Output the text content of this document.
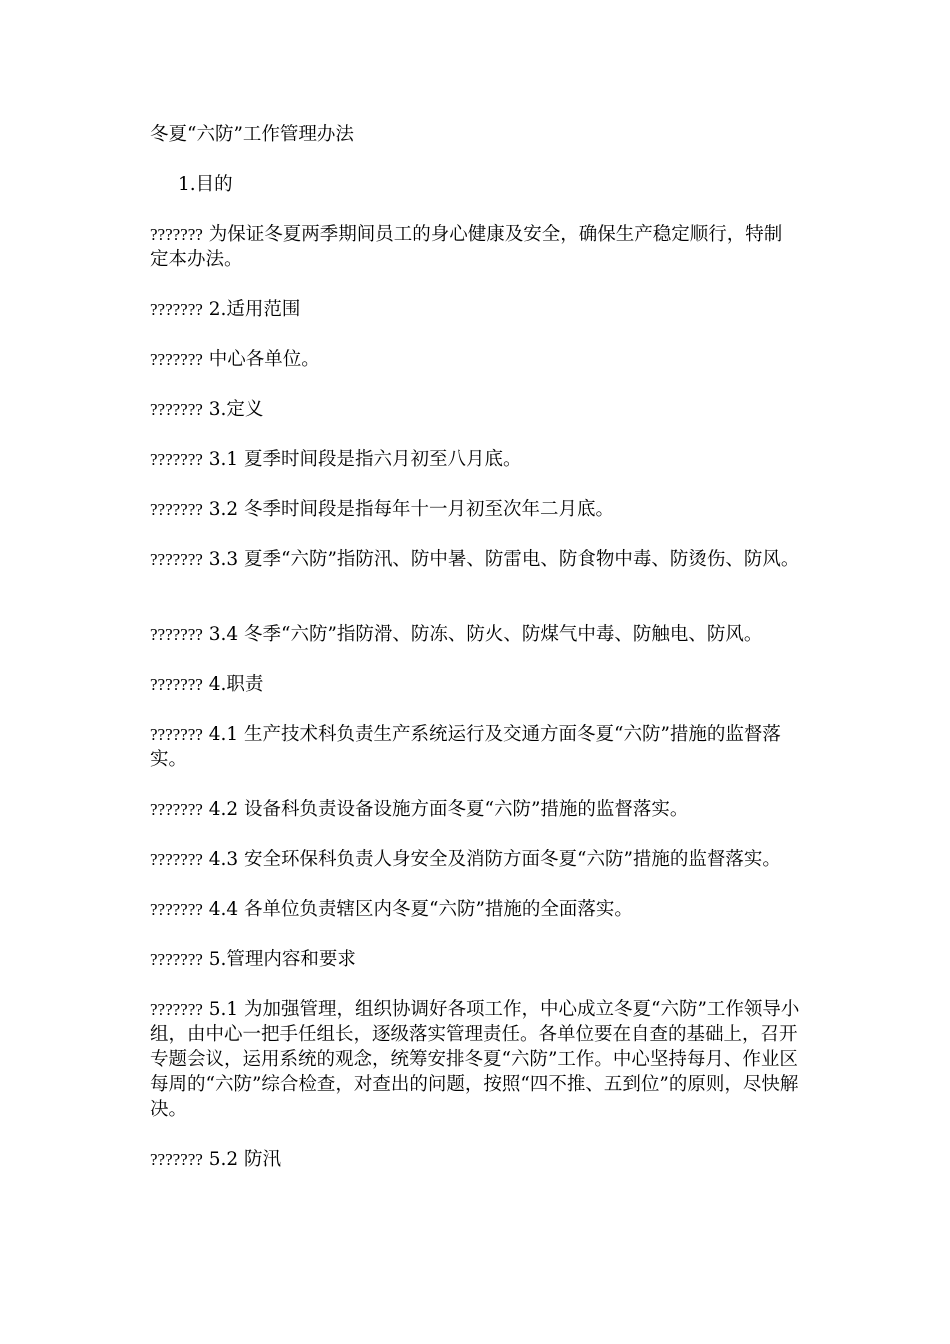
冬夏“六防”工作管理办法

1.目的

??????? 为保证冬夏两季期间员工的身心健康及安全，确保生产稳定顺行，特制定本办法。

??????? 2.适用范围

??????? 中心各单位。

??????? 3.定义

??????? 3.1 夏季时间段是指六月初至八月底。

??????? 3.2 冬季时间段是指每年十一月初至次年二月底。

??????? 3.3 夏季“六防”指防汛、防中暑、防雷电、防食物中毒、防烫伤、防风。

??????? 3.4 冬季“六防”指防滑、防冻、防火、防煤气中毒、防触电、防风。

??????? 4.职责

??????? 4.1 生产技术科负责生产系统运行及交通方面冬夏“六防”措施的监督落实。

??????? 4.2 设备科负责设备设施方面冬夏“六防”措施的监督落实。

??????? 4.3 安全环保科负责人身安全及消防方面冬夏“六防”措施的监督落实。

??????? 4.4 各单位负责辖区内冬夏“六防”措施的全面落实。

??????? 5.管理内容和要求

??????? 5.1 为加强管理，组织协调好各项工作，中心成立冬夏“六防”工作领导小组，由中心一把手任组长，逐级落实管理责任。各单位要在自查的基础上，召开专题会议，运用系统的观念，统筹安排冬夏“六防”工作。中心坚持每月、作业区每周的“六防”综合检查，对查出的问题，按照“四不推、五到位”的原则，尽快解决。

??????? 5.2 防汛
